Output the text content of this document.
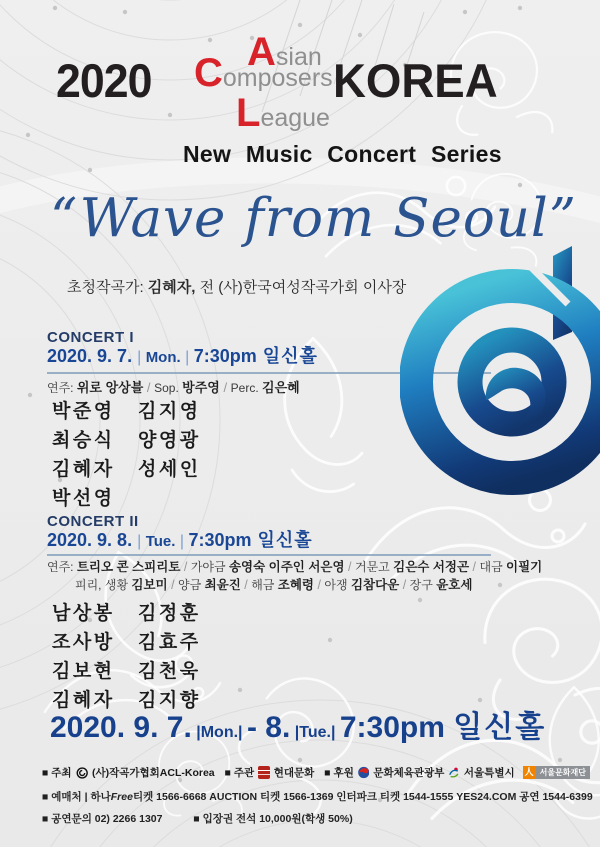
2020
A sian
C omposers
L eague
KOREA
New Music Concert Series
“Wave from Seoul”
초청작곡가: 김혜자, 전 (사)한국여성작곡가회 이사장
CONCERT I
2020. 9. 7. | Mon. | 7:30pm 일신홀
연주: 위로 앙상블 / Sop. 방주영 / Perc. 김은혜
박준영	김지영
최승식	양영광
김혜자	성세인
박선영
CONCERT II
2020. 9. 8. | Tue. | 7:30pm 일신홀
연주: 트리오 콘 스피리토 / 가야금 송영숙 이주인 서은영 / 거문고 김은수 서정곤 / 대금 이필기
피리, 생황 김보미 / 양금 최윤진 / 해금 조혜령 / 아쟁 김참다운 / 장구 윤호세
남상봉	김정훈
조사방	김효주
김보현	김천욱
김혜자	김지향
2020. 9. 7. |Mon.| - 8. |Tue.| 7:30pm 일신홀
■ 주최 (사)작곡가협회ACL-Korea ■ 주관 현대문화 ■ 후원 문화체육관광부 서울특별시 人 서울문화재단
■ 예매처 | 하나Free티켓 1566-6668 AUCTION 티켓 1566-1369 인터파크 티켓 1544-1555 YES24.COM 공연 1544-6399
■ 공연문의 02) 2266 1307	■ 입장권 전석 10,000원(학생 50%)
